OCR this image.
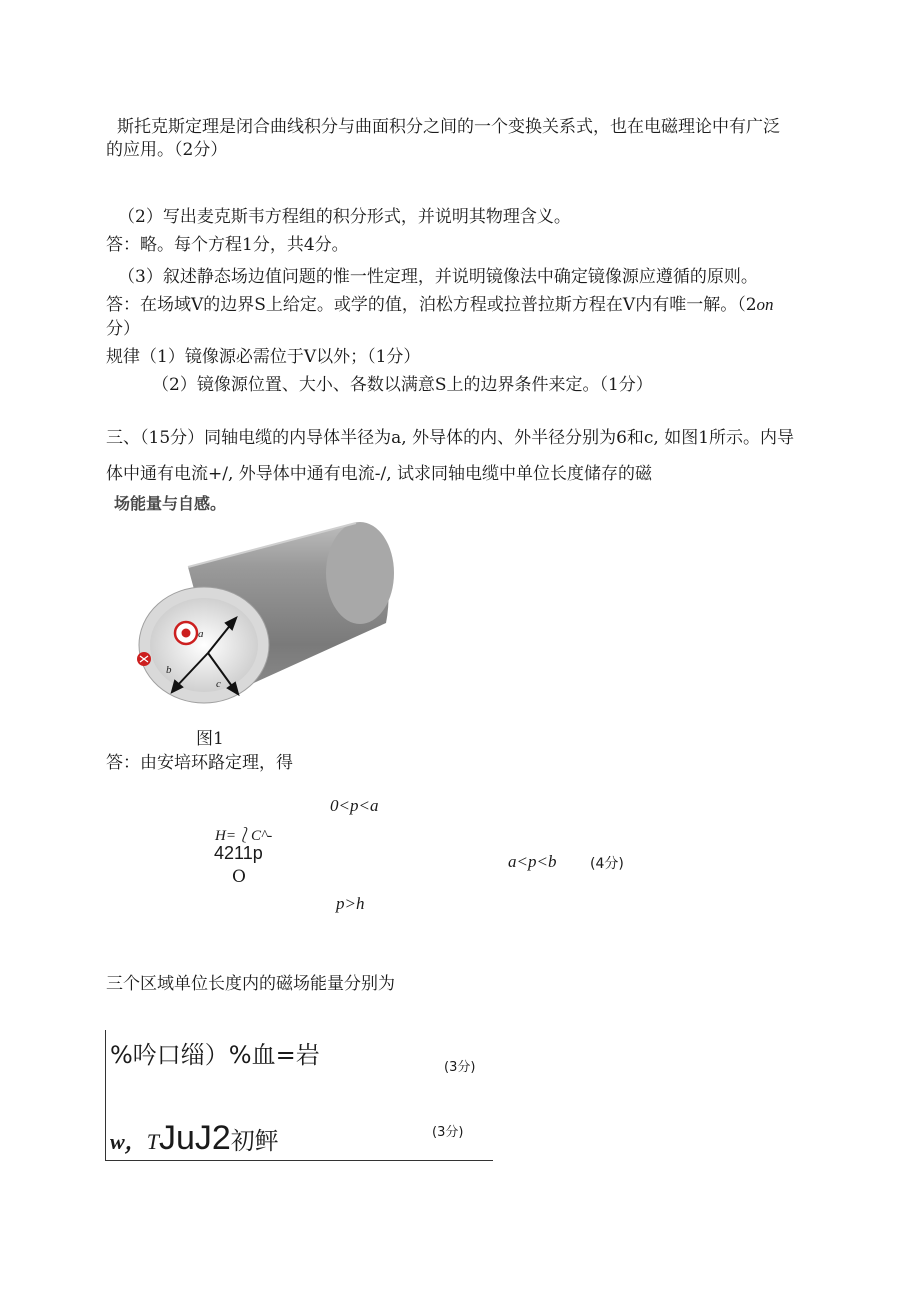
斯托克斯定理是闭合曲线积分与曲面积分之间的一个变换关系式，也在电磁理论中有广泛
的应用。（2分）
（2）写出麦克斯韦方程组的积分形式，并说明其物理含义。
答：略。每个方程1分，共4分。
（3）叙述静态场边值问题的惟一性定理，并说明镜像法中确定镜像源应遵循的原则。
答：在场域V的边界S上给定。或学的值，泊松方程或拉普拉斯方程在V内有唯一解。（2on
分）
规律（1）镜像源必需位于V以外；（1分）
（2）镜像源位置、大小、各数以满意S上的边界条件来定。（1分）
三、（15分）同轴电缆的内导体半径为a, 外导体的内、外半径分别为6和c, 如图1所示。内导
体中通有电流+/, 外导体中通有电流-/, 试求同轴电缆中单位长度储存的磁
场能量与自感。
a
b
c
图1
答：由安培环路定理，得
0<p<a
H=⎱C^-
4211p
O
a<p<b (4分)
p>h
三个区域单位长度内的磁场能量分别为
%吟口缁）%血=岩	(3分)
w，TJuJ2初鲆	(3分)
